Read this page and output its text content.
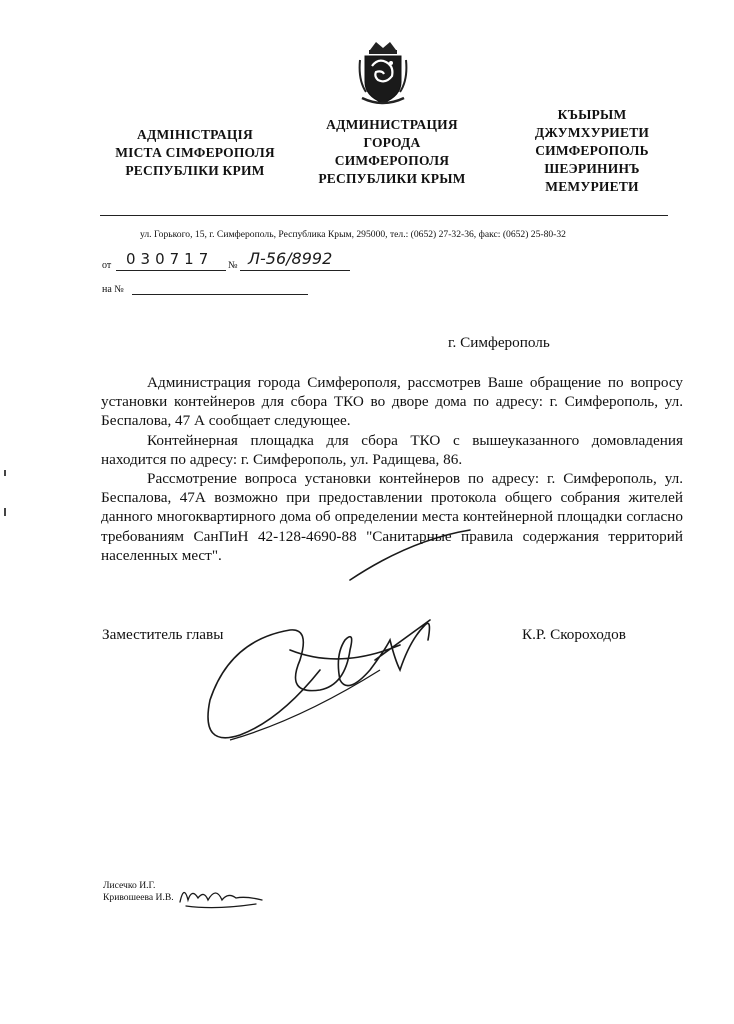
АДМІНІСТРАЦІЯ
МІСТА СІМФЕРОПОЛЯ
РЕСПУБЛІКИ КРИМ
АДМИНИСТРАЦИЯ
ГОРОДА
СИМФЕРОПОЛЯ
РЕСПУБЛИКИ КРЫМ
КЪЫРЫМ
ДЖУМХУРИЕТИ
СИМФЕРОПОЛЬ
ШЕЭРИНИНЪ
МЕМУРИЕТИ
ул. Горького, 15, г. Симферополь, Республика Крым, 295000, тел.: (0652) 27-32-36, факс: (0652) 25-80-32
от 030717 № Л-56/8992
на №
г. Симферополь

Администрация города Симферополя, рассмотрев Ваше обращение по вопросу установки контейнеров для сбора ТКО во дворе дома по адресу: г. Симферополь, ул. Беспалова, 47 А сообщает следующее.

Контейнерная площадка для сбора ТКО с вышеуказанного домовладения находится по адресу: г. Симферополь, ул. Радищева, 86.

Рассмотрение вопроса установки контейнеров по адресу: г. Симферополь, ул. Беспалова, 47А возможно при предоставлении протокола общего собрания жителей данного многоквартирного дома об определении места контейнерной площадки согласно требованиям СанПиН 42-128-4690-88 "Санитарные правила содержания территорий населенных мест".

Заместитель главы	К.Р. Скороходов
Лисечко И.Г.
Кривошеева И.В.
